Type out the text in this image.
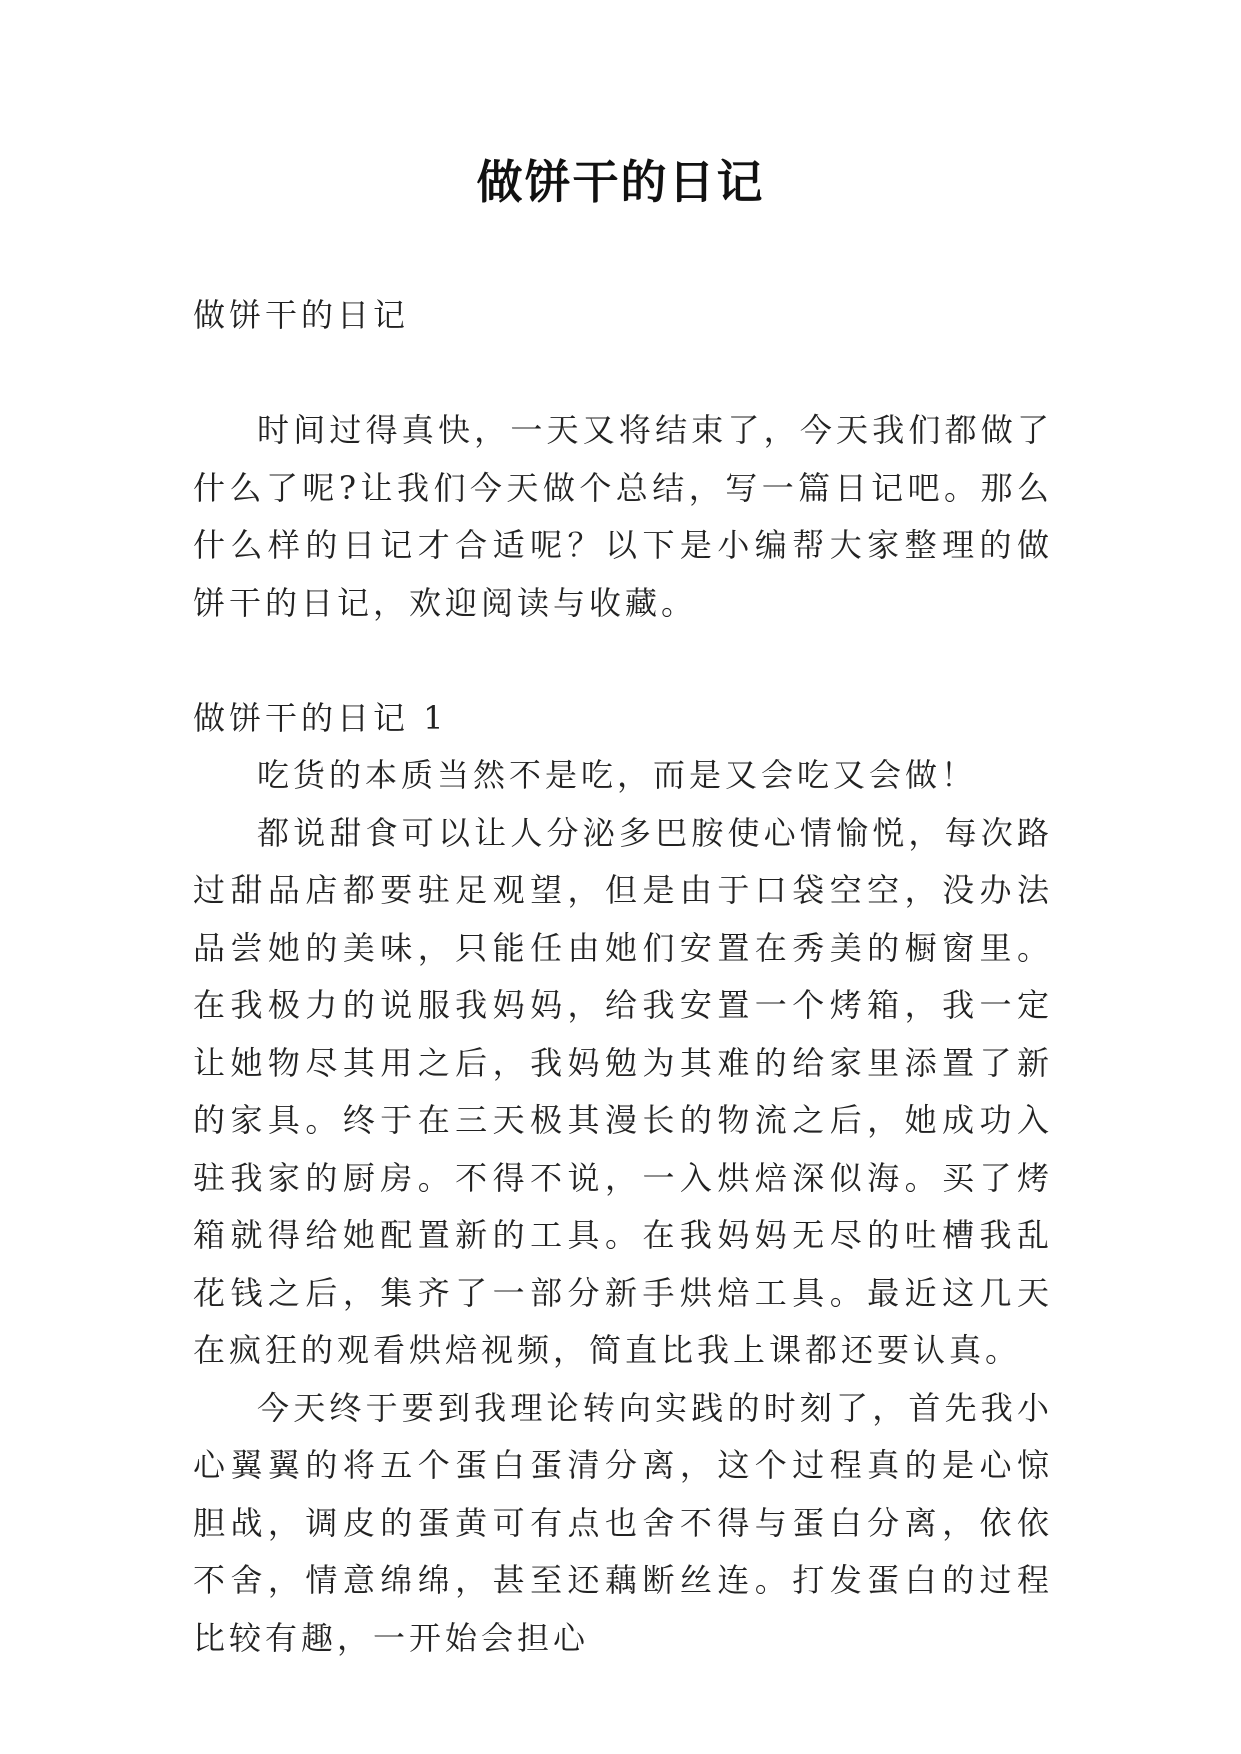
做饼干的日记

做饼干的日记

时间过得真快，一天又将结束了，今天我们都做了什么了呢?让我们今天做个总结，写一篇日记吧。那么什么样的日记才合适呢？以下是小编帮大家整理的做饼干的日记，欢迎阅读与收藏。

做饼干的日记 1

吃货的本质当然不是吃，而是又会吃又会做！

都说甜食可以让人分泌多巴胺使心情愉悦，每次路过甜品店都要驻足观望，但是由于口袋空空，没办法品尝她的美味，只能任由她们安置在秀美的橱窗里。在我极力的说服我妈妈，给我安置一个烤箱，我一定让她物尽其用之后，我妈勉为其难的给家里添置了新的家具。终于在三天极其漫长的物流之后，她成功入驻我家的厨房。不得不说，一入烘焙深似海。买了烤箱就得给她配置新的工具。在我妈妈无尽的吐槽我乱花钱之后，集齐了一部分新手烘焙工具。最近这几天在疯狂的观看烘焙视频，简直比我上课都还要认真。

今天终于要到我理论转向实践的时刻了，首先我小心翼翼的将五个蛋白蛋清分离，这个过程真的是心惊胆战，调皮的蛋黄可有点也舍不得与蛋白分离，依依不舍，情意绵绵，甚至还藕断丝连。打发蛋白的过程比较有趣，一开始会担心
